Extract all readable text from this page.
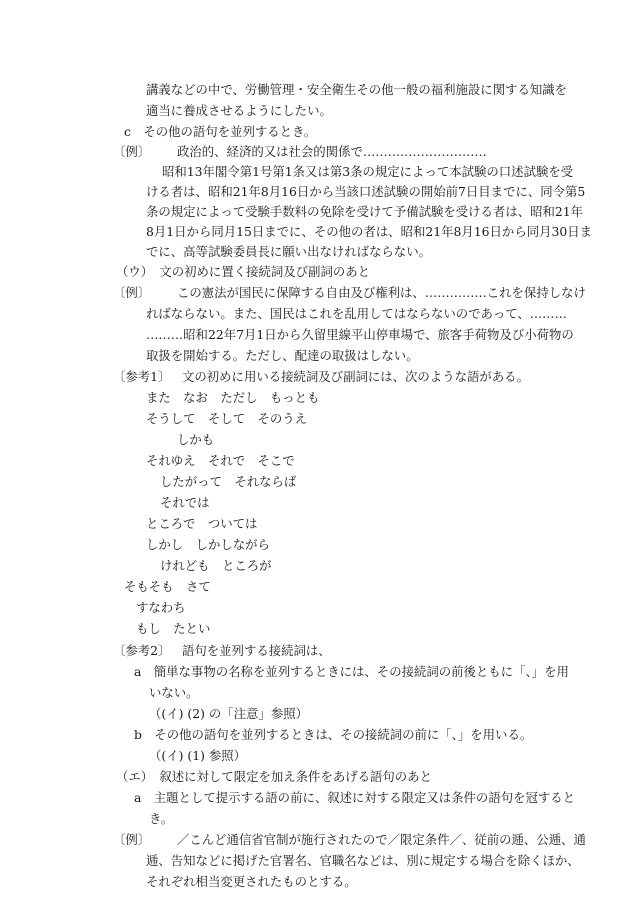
講義などの中で、労働管理・安全衛生その他一般の福利施設に関する知識を
適当に養成させるようにしたい。
c　その他の語句を並列するとき。
〔例〕 政治的、経済的又は社会的関係で…………………………
昭和13年閣令第1号第1条又は第3条の規定によって本試験の口述試験を受
ける者は、昭和21年8月16日から当該口述試験の開始前7日目までに、同令第5
条の規定によって受験手数料の免除を受けて予備試験を受ける者は、昭和21年
8月1日から同月15日までに、その他の者は、昭和21年8月16日から同月30日ま
でに、高等試験委員長に願い出なければならない。
（ウ）　文の初めに置く接続詞及び副詞のあと
〔例〕 この憲法が国民に保障する自由及び権利は、……………これを保持しなけ
ればならない。また、国民はこれを乱用してはならないのであって、………
………昭和22年7月1日から久留里線平山停車場で、旅客手荷物及び小荷物の
取扱を開始する。ただし、配達の取扱はしない。
〔参考1〕 文の初めに用いる接続詞及び副詞には、次のような語がある。
また　なお　ただし　もっとも
そうして　そして　そのうえ
しかも
それゆえ　それで　そこで
したがって　それならば
それでは
ところで　ついては
しかし　しかしながら
けれども　ところが
そもそも　さて
すなわち
もし　たとい
〔参考2〕 語句を並列する接続詞は、
a　簡単な事物の名称を並列するときには、その接続詞の前後ともに「、」を用
いない。
（(イ) (2) の「注意」参照）
b　その他の語句を並列するときは、その接続詞の前に「、」を用いる。
（(イ) (1) 参照）
（エ）　叙述に対して限定を加え条件をあげる語句のあと
a　主題として提示する語の前に、叙述に対する限定又は条件の語句を冠すると
き。
〔例〕 ／こんど通信省官制が施行されたので／限定条件／、従前の逓、公逓、通
逓、告知などに掲げた官署名、官職名などは、別に規定する場合を除くほか、
それぞれ相当変更されたものとする。
